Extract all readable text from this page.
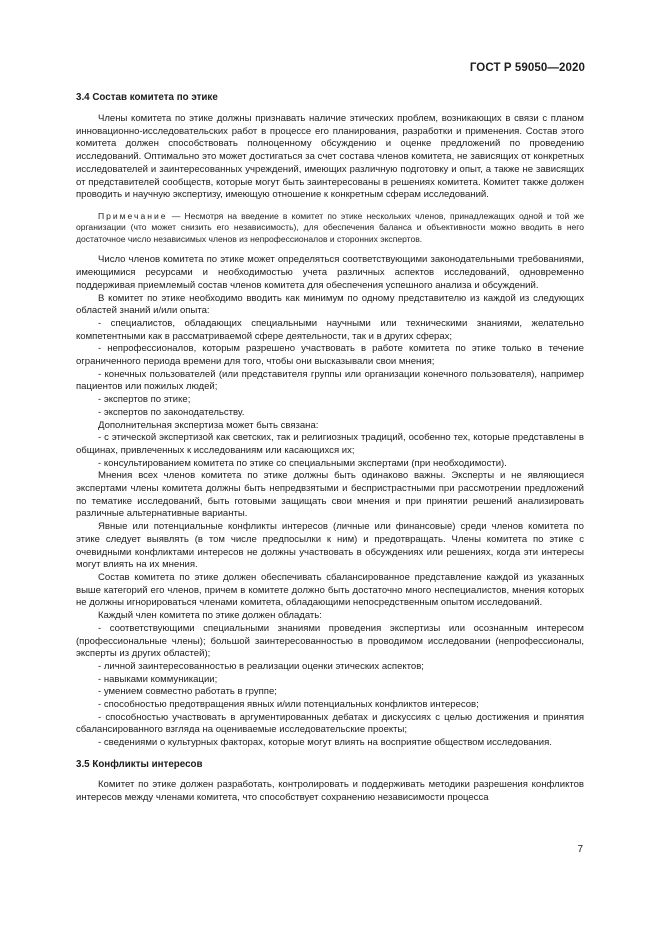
ГОСТ Р 59050—2020
3.4 Состав комитета по этике

Члены комитета по этике должны признавать наличие этических проблем, возникающих в связи с планом инновационно-исследовательских работ в процессе его планирования, разработки и применения. Состав этого комитета должен способствовать полноценному обсуждению и оценке предложений по проведению исследований. Оптимально это может достигаться за счет состава членов комитета, не зависящих от конкретных исследователей и заинтересованных учреждений, имеющих различную подготовку и опыт, а также не зависящих от представителей сообществ, которые могут быть заинтересованы в решениях комитета. Комитет также должен проводить и научную экспертизу, имеющую отношение к конкретным сферам исследований.

Примечание — Несмотря на введение в комитет по этике нескольких членов, принадлежащих одной и той же организации (что может снизить его независимость), для обеспечения баланса и объективности можно вводить в него достаточное число независимых членов из непрофессионалов и сторонних экспертов.

Число членов комитета по этике может определяться соответствующими законодательными требованиями, имеющимися ресурсами и необходимостью учета различных аспектов исследований, одновременно поддерживая приемлемый состав членов комитета для обеспечения успешного анализа и обсуждений.

В комитет по этике необходимо вводить как минимум по одному представителю из каждой из следующих областей знаний и/или опыта:

- специалистов, обладающих специальными научными или техническими знаниями, желательно компетентными как в рассматриваемой сфере деятельности, так и в других сферах;
- непрофессионалов, которым разрешено участвовать в работе комитета по этике только в течение ограниченного периода времени для того, чтобы они высказывали свои мнения;
- конечных пользователей (или представителя группы или организации конечного пользователя), например пациентов или пожилых людей;
- экспертов по этике;
- экспертов по законодательству.

Дополнительная экспертиза может быть связана:

- с этической экспертизой как светских, так и религиозных традиций, особенно тех, которые представлены в общинах, привлеченных к исследованиям или касающихся их;
- консультированием комитета по этике со специальными экспертами (при необходимости).

Мнения всех членов комитета по этике должны быть одинаково важны. Эксперты и не являющиеся экспертами члены комитета должны быть непредвзятыми и беспристрастными при рассмотрении предложений по тематике исследований, быть готовыми защищать свои мнения и при принятии решений анализировать различные альтернативные варианты.

Явные или потенциальные конфликты интересов (личные или финансовые) среди членов комитета по этике следует выявлять (в том числе предпосылки к ним) и предотвращать. Члены комитета по этике с очевидными конфликтами интересов не должны участвовать в обсуждениях или решениях, когда эти интересы могут влиять на их мнения.

Состав комитета по этике должен обеспечивать сбалансированное представление каждой из указанных выше категорий его членов, причем в комитете должно быть достаточно много неспециалистов, мнения которых не должны игнорироваться членами комитета, обладающими непосредственным опытом исследований.

Каждый член комитета по этике должен обладать:

- соответствующими специальными знаниями проведения экспертизы или осознанным интересом (профессиональные члены); большой заинтересованностью в проводимом исследовании (непрофессионалы, эксперты из других областей);
- личной заинтересованностью в реализации оценки этических аспектов;
- навыками коммуникации;
- умением совместно работать в группе;
- способностью предотвращения явных и/или потенциальных конфликтов интересов;
- способностью участвовать в аргументированных дебатах и дискуссиях с целью достижения и принятия сбалансированного взгляда на оцениваемые исследовательские проекты;
- сведениями о культурных факторах, которые могут влиять на восприятие обществом исследования.
3.5 Конфликты интересов

Комитет по этике должен разработать, контролировать и поддерживать методики разрешения конфликтов интересов между членами комитета, что способствует сохранению независимости процесса

7
